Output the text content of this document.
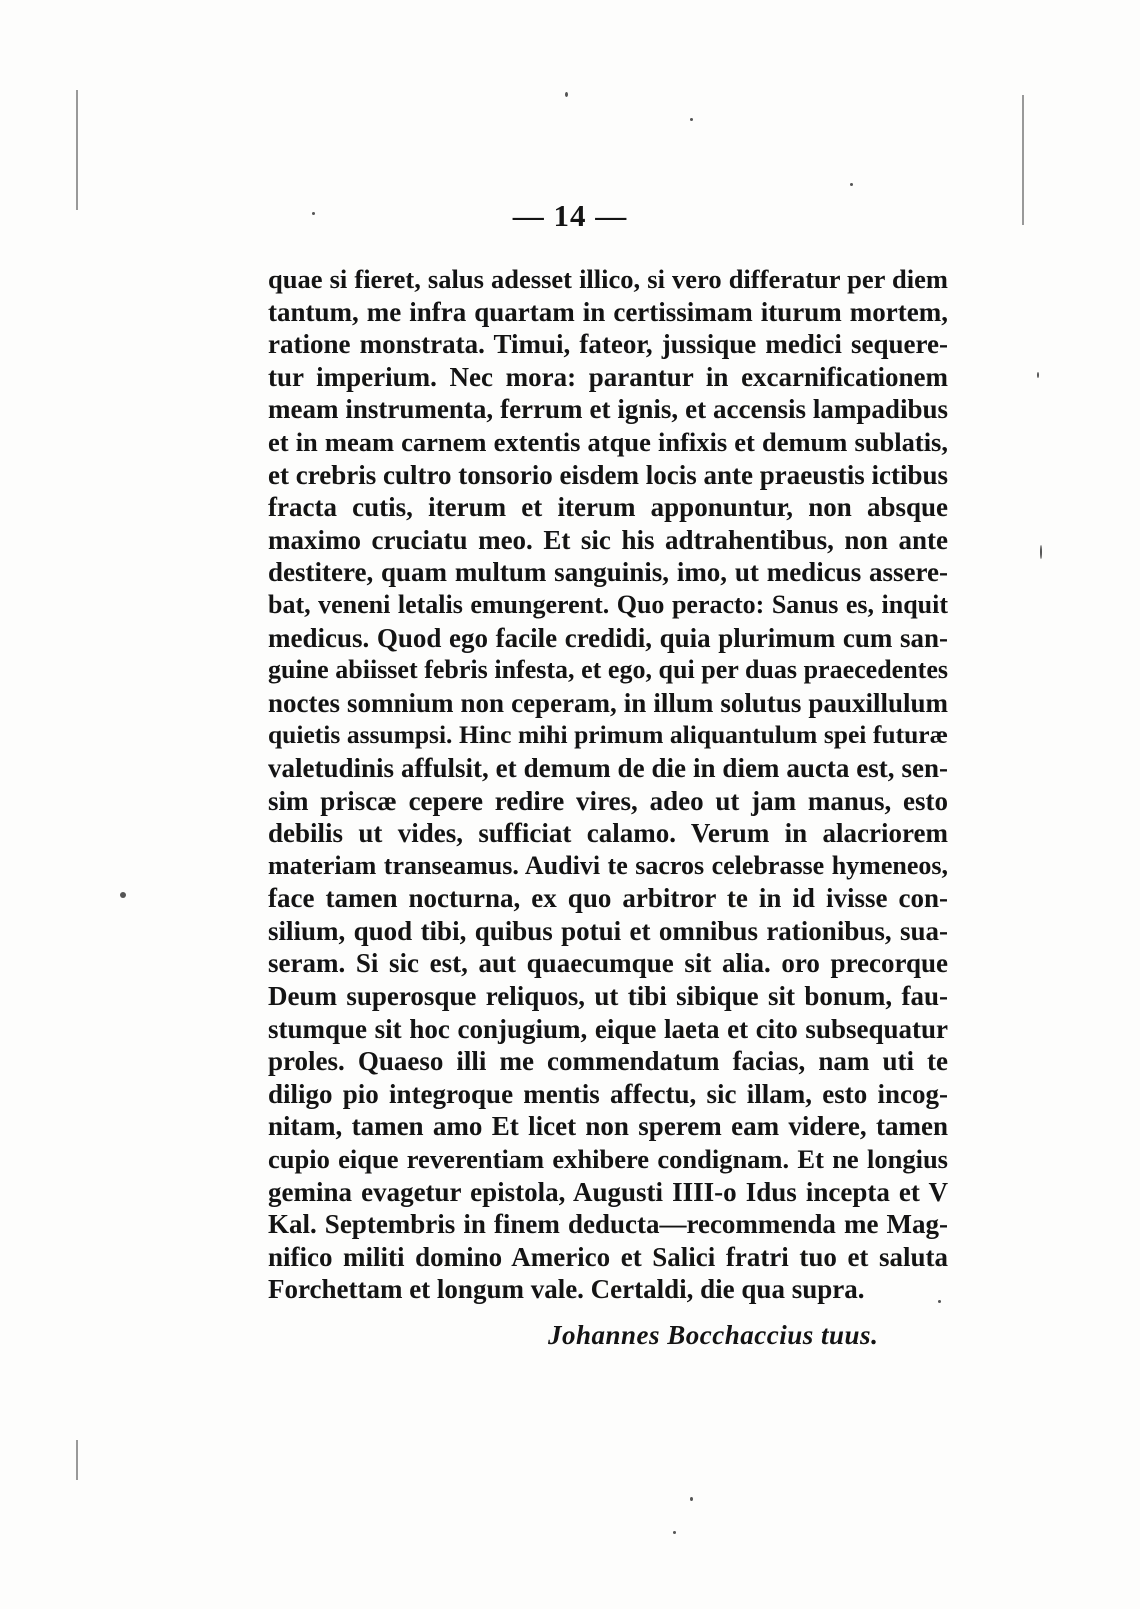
— 14 —
quae si fieret, salus adesset illico, si vero differatur per diem
tantum, me infra quartam in certissimam iturum mortem,
ratione monstrata. Timui, fateor, jussique medici sequere-
tur imperium. Nec mora: parantur in excarnificationem
meam instrumenta, ferrum et ignis, et accensis lampadibus
et in meam carnem extentis atque infixis et demum sublatis,
et crebris cultro tonsorio eisdem locis ante praeustis ictibus
fracta cutis, iterum et iterum apponuntur, non absque
maximo cruciatu meo. Et sic his adtrahentibus, non ante
destitere, quam multum sanguinis, imo, ut medicus assere-
bat, veneni letalis emungerent. Quo peracto: Sanus es, inquit
medicus. Quod ego facile credidi, quia plurimum cum san-
guine abiisset febris infesta, et ego, qui per duas praecedentes
noctes somnium non ceperam, in illum solutus pauxillulum
quietis assumpsi. Hinc mihi primum aliquantulum spei futuræ
valetudinis affulsit, et demum de die in diem aucta est, sen-
sim priscæ cepere redire vires, adeo ut jam manus, esto
debilis ut vides, sufficiat calamo. Verum in alacriorem
materiam transeamus. Audivi te sacros celebrasse hymeneos,
face tamen nocturna, ex quo arbitror te in id ivisse con-
silium, quod tibi, quibus potui et omnibus rationibus, sua-
seram. Si sic est, aut quaecumque sit alia. oro precorque
Deum superosque reliquos, ut tibi sibique sit bonum, fau-
stumque sit hoc conjugium, eique laeta et cito subsequatur
proles. Quaeso illi me commendatum facias, nam uti te
diligo pio integroque mentis affectu, sic illam, esto incog-
nitam, tamen amo Et licet non sperem eam videre, tamen
cupio eique reverentiam exhibere condignam. Et ne longius
gemina evagetur epistola, Augusti IIII-o Idus incepta et V
Kal. Septembris in finem deducta—recommenda me Mag-
nifico militi domino Americo et Salici fratri tuo et saluta
Forchettam et longum vale. Certaldi, die qua supra.
Johannes Bocchaccius tuus.
